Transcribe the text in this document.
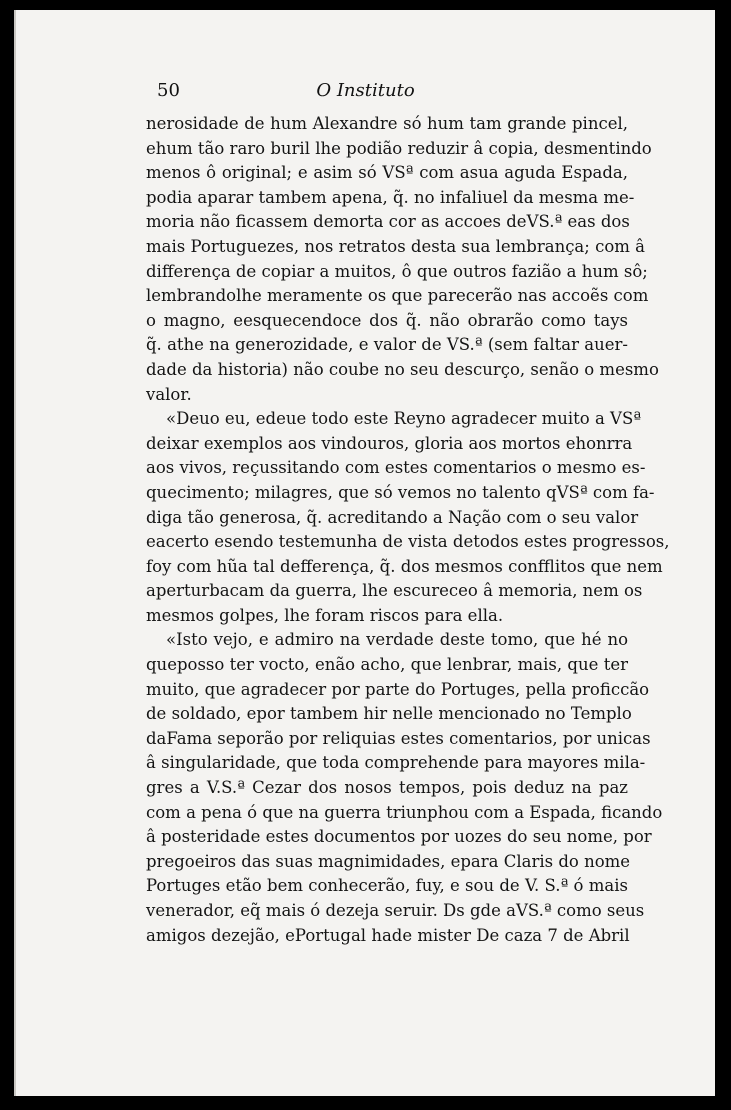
50	O Instituto
nerosidade de hum Alexandre só hum tam grande pincel,
ehum tão raro buril lhe podião reduzir â copia, desmentindo
menos ô original; e asim só VSª com asua aguda Espada,
podia aparar tambem apena, q̃. no infaliuel da mesma me-
moria não ficassem demorta cor as accoes deVS.ª eas dos
mais Portuguezes, nos retratos desta sua lembrança; com â
differença de copiar a muitos, ô que outros fazião a hum sô;
lembrandolhe meramente os que parecerão nas accoẽs com
o magno, eesquecendoce dos q̃. não obrarão como tays
q̃. athe na generozidade, e valor de VS.ª (sem faltar auer-
dade da historia) não coube no seu descurço, senão o mesmo
valor.
«Deuo eu, edeue todo este Reyno agradecer muito a VSª
deixar exemplos aos vindouros, gloria aos mortos ehonrra
aos vivos, reçussitando com estes comentarios o mesmo es-
quecimento; milagres, que só vemos no talento qVSª com fa-
diga tão generosa, q̃. acreditando a Nação com o seu valor
eacerto esendo testemunha de vista detodos estes progressos,
foy com hũa tal defferença, q̃. dos mesmos confflitos que nem
aperturbacam da guerra, lhe escureceo â memoria, nem os
mesmos golpes, lhe foram riscos para ella.
«Isto vejo, e admiro na verdade deste tomo, que hé no
queposso ter vocto, enão acho, que lenbrar, mais, que ter
muito, que agradecer por parte do Portuges, pella proficcão
de soldado, epor tambem hir nelle mencionado no Templo
daFama seporão por reliquias estes comentarios, por unicas
â singularidade, que toda comprehende para mayores mila-
gres a V.S.ª Cezar dos nosos tempos, pois deduz na paz
com a pena ó que na guerra triunphou com a Espada, ficando
â posteridade estes documentos por uozes do seu nome, por
pregoeiros das suas magnimidades, epara Claris do nome
Portuges etão bem conhecerão, fuy, e sou de V. S.ª ó mais
venerador, eq̃ mais ó dezeja seruir. Ds gde aVS.ª como seus
amigos dezejão, ePortugal hade mister De caza 7 de Abril
